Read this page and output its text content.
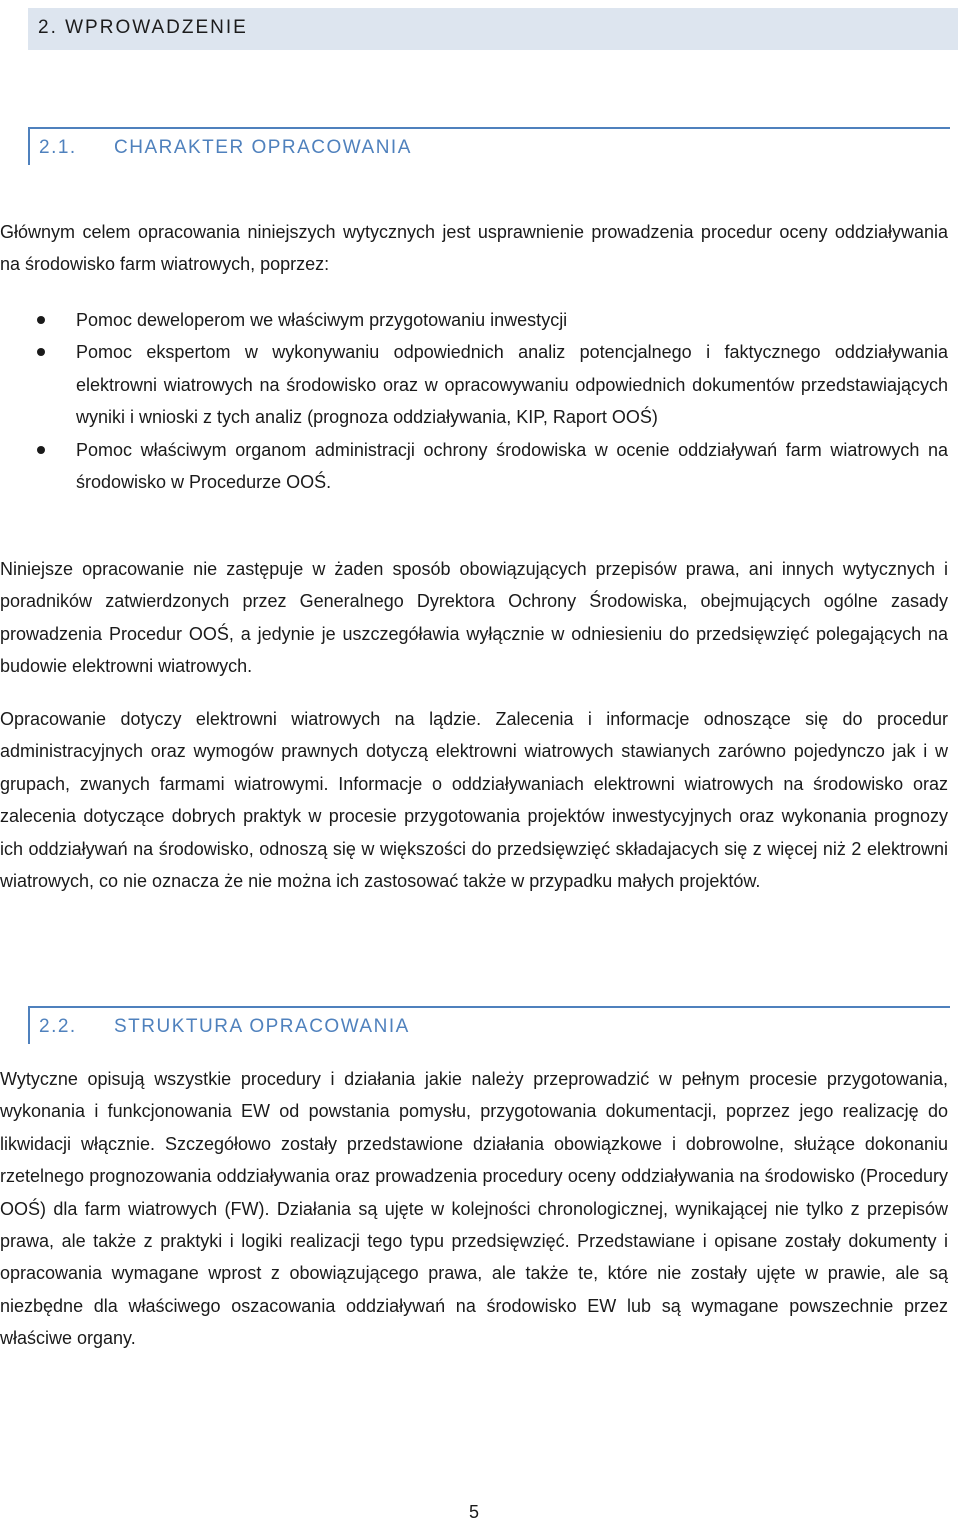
2. WPROWADZENIE
2.1. CHARAKTER OPRACOWANIA

Głównym celem opracowania niniejszych wytycznych jest usprawnienie prowadzenia procedur oceny oddziaływania na środowisko farm wiatrowych, poprzez:

Pomoc deweloperom we właściwym przygotowaniu inwestycji
Pomoc ekspertom w wykonywaniu odpowiednich analiz potencjalnego i faktycznego oddziaływania elektrowni wiatrowych na środowisko oraz w opracowywaniu odpowiednich dokumentów przedstawiających wyniki i wnioski z tych analiz (prognoza oddziaływania, KIP, Raport OOŚ)
Pomoc właściwym organom administracji ochrony środowiska w ocenie oddziaływań farm wiatrowych na środowisko w Procedurze OOŚ.

Niniejsze opracowanie nie zastępuje w żaden sposób obowiązujących przepisów prawa, ani innych wytycznych i poradników zatwierdzonych przez Generalnego Dyrektora Ochrony Środowiska, obejmujących ogólne zasady prowadzenia Procedur OOŚ, a jedynie je uszczegóławia wyłącznie w odniesieniu do przedsięwzięć polegających na budowie elektrowni wiatrowych.

Opracowanie dotyczy elektrowni wiatrowych na lądzie. Zalecenia i informacje odnoszące się do procedur administracyjnych oraz wymogów prawnych dotyczą elektrowni wiatrowych stawianych zarówno pojedynczo jak i w grupach, zwanych farmami wiatrowymi. Informacje o oddziaływaniach elektrowni wiatrowych na środowisko oraz zalecenia dotyczące dobrych praktyk w procesie przygotowania projektów inwestycyjnych oraz wykonania prognozy ich oddziaływań na środowisko, odnoszą się w większości do przedsięwzięć składajacych się z więcej niż 2 elektrowni wiatrowych, co nie oznacza że nie można ich zastosować także w przypadku małych projektów.

2.2. STRUKTURA OPRACOWANIA

Wytyczne opisują wszystkie procedury i działania jakie należy przeprowadzić w pełnym procesie przygotowania, wykonania i funkcjonowania EW od powstania pomysłu, przygotowania dokumentacji, poprzez jego realizację do likwidacji włącznie. Szczegółowo zostały przedstawione działania obowiązkowe i dobrowolne, służące dokonaniu rzetelnego prognozowania oddziaływania oraz prowadzenia procedury oceny oddziaływania na środowisko (Procedury OOŚ) dla farm wiatrowych (FW). Działania są ujęte w kolejności chronologicznej, wynikającej nie tylko z przepisów prawa, ale także z praktyki i logiki realizacji tego typu przedsięwzięć. Przedstawiane i opisane zostały dokumenty i opracowania wymagane wprost z obowiązującego prawa, ale także te, które nie zostały ujęte w prawie, ale są niezbędne dla właściwego oszacowania oddziaływań na środowisko EW lub są wymagane powszechnie przez właściwe organy.

5
